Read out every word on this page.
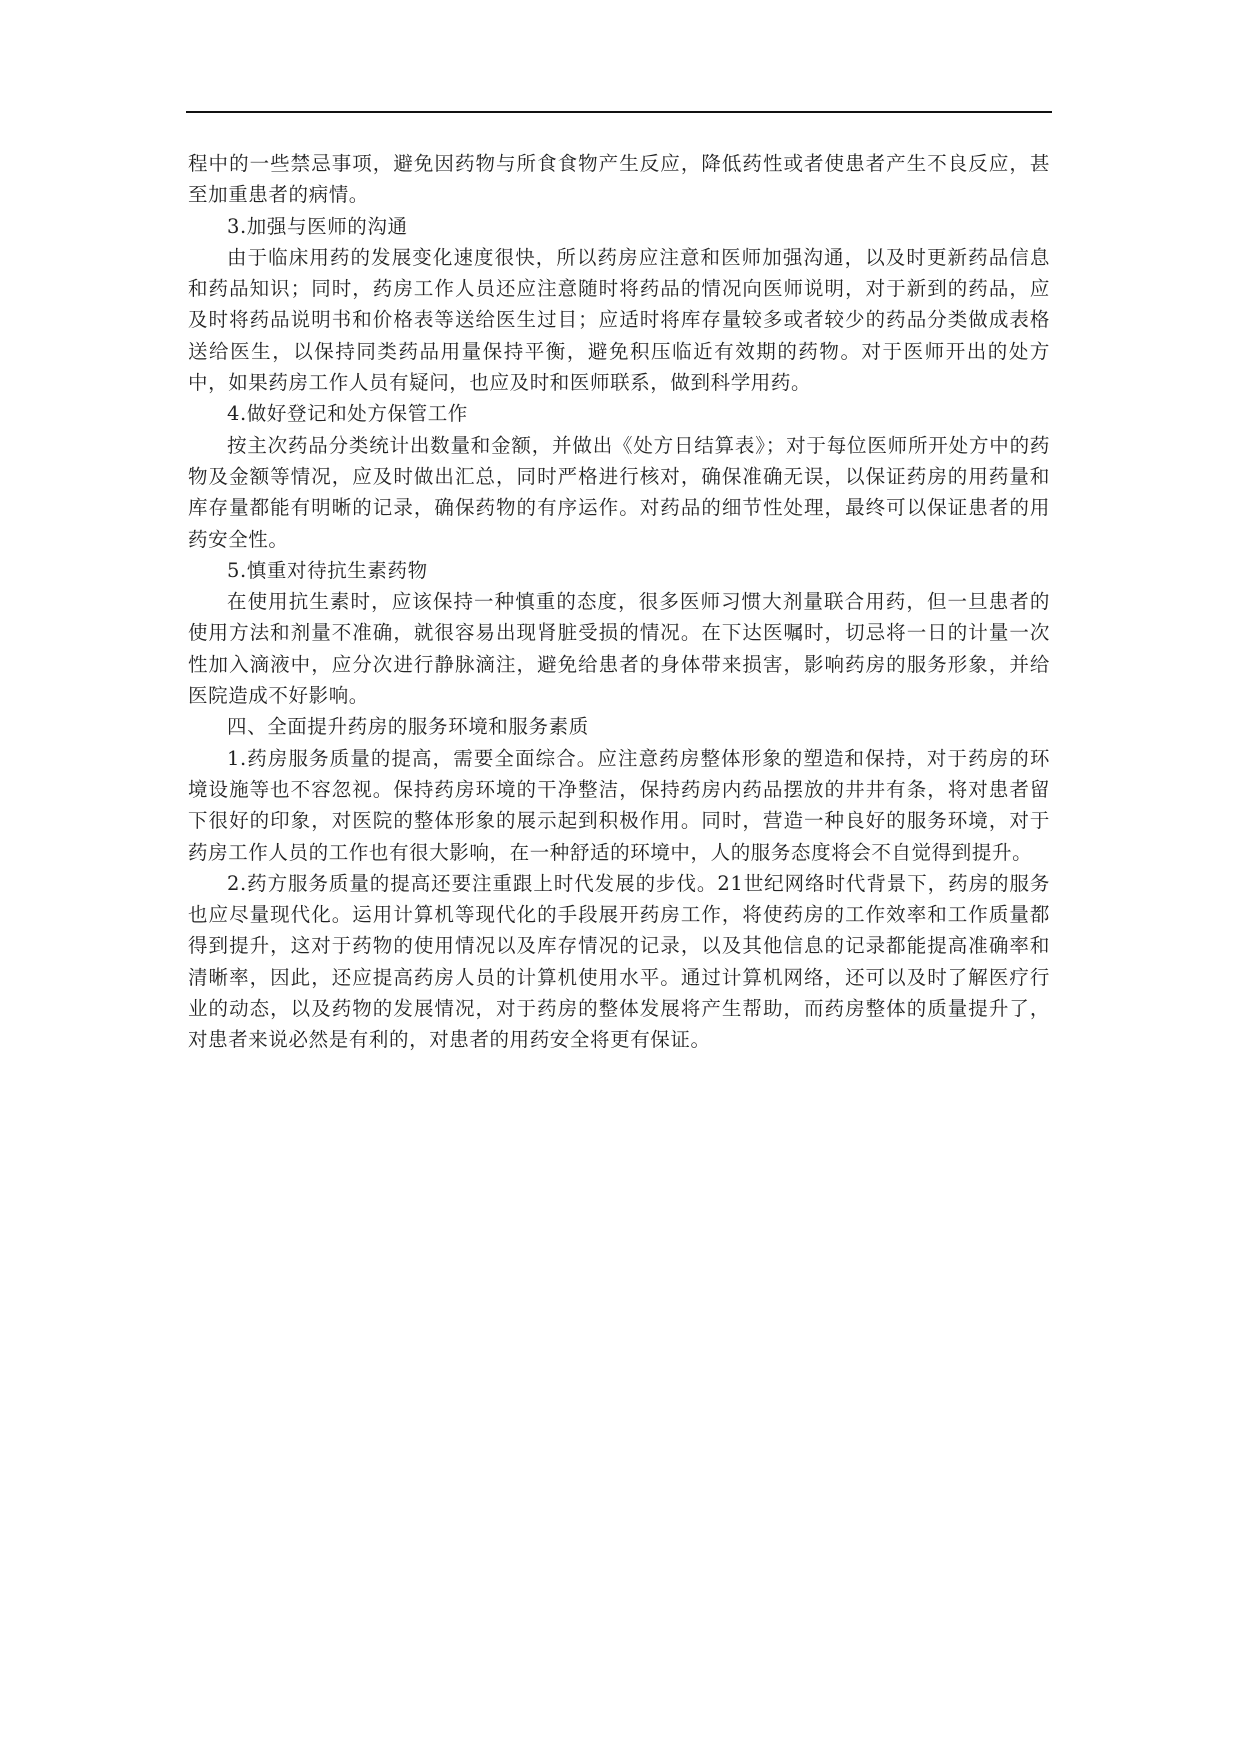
程中的一些禁忌事项，避免因药物与所食食物产生反应，降低药性或者使患者产生不良反应，甚至加重患者的病情。

3.加强与医师的沟通

由于临床用药的发展变化速度很快，所以药房应注意和医师加强沟通，以及时更新药品信息和药品知识；同时，药房工作人员还应注意随时将药品的情况向医师说明，对于新到的药品，应及时将药品说明书和价格表等送给医生过目；应适时将库存量较多或者较少的药品分类做成表格送给医生，以保持同类药品用量保持平衡，避免积压临近有效期的药物。对于医师开出的处方中，如果药房工作人员有疑问，也应及时和医师联系，做到科学用药。

4.做好登记和处方保管工作

按主次药品分类统计出数量和金额，并做出《处方日结算表》；对于每位医师所开处方中的药物及金额等情况，应及时做出汇总，同时严格进行核对，确保准确无误，以保证药房的用药量和库存量都能有明晰的记录，确保药物的有序运作。对药品的细节性处理，最终可以保证患者的用药安全性。

5.慎重对待抗生素药物

在使用抗生素时，应该保持一种慎重的态度，很多医师习惯大剂量联合用药，但一旦患者的使用方法和剂量不准确，就很容易出现肾脏受损的情况。在下达医嘱时，切忌将一日的计量一次性加入滴液中，应分次进行静脉滴注，避免给患者的身体带来损害，影响药房的服务形象，并给医院造成不好影响。

四、全面提升药房的服务环境和服务素质

1.药房服务质量的提高，需要全面综合。应注意药房整体形象的塑造和保持，对于药房的环境设施等也不容忽视。保持药房环境的干净整洁，保持药房内药品摆放的井井有条，将对患者留下很好的印象，对医院的整体形象的展示起到积极作用。同时，营造一种良好的服务环境，对于药房工作人员的工作也有很大影响，在一种舒适的环境中，人的服务态度将会不自觉得到提升。

2.药方服务质量的提高还要注重跟上时代发展的步伐。21世纪网络时代背景下，药房的服务也应尽量现代化。运用计算机等现代化的手段展开药房工作，将使药房的工作效率和工作质量都得到提升，这对于药物的使用情况以及库存情况的记录，以及其他信息的记录都能提高准确率和清晰率，因此，还应提高药房人员的计算机使用水平。通过计算机网络，还可以及时了解医疗行业的动态，以及药物的发展情况，对于药房的整体发展将产生帮助，而药房整体的质量提升了，对患者来说必然是有利的，对患者的用药安全将更有保证。
